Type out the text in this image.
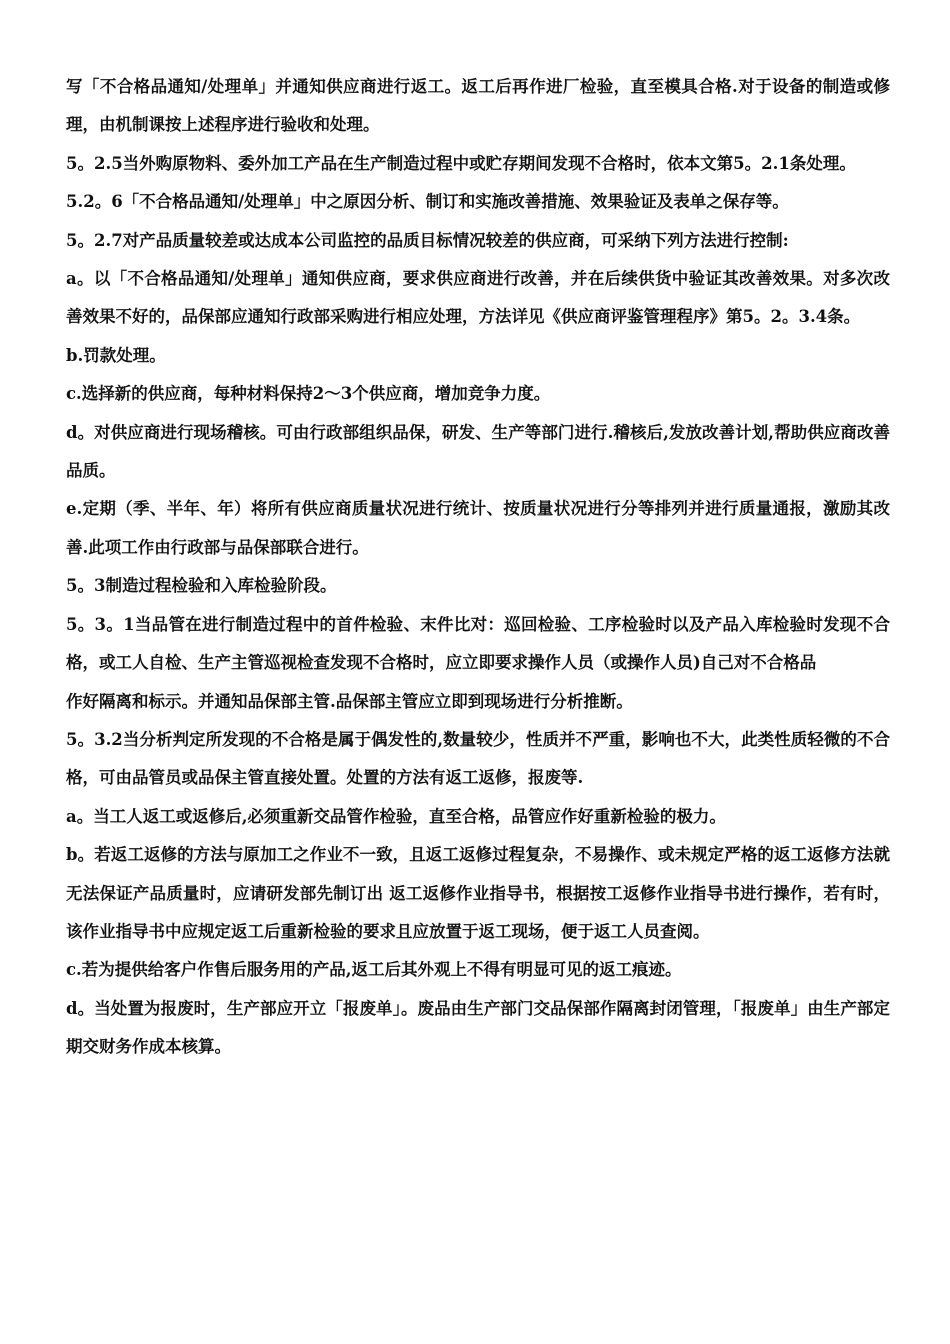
写「不合格品通知/处理单」并通知供应商进行返工。返工后再作进厂检验，直至模具合格.对于设备的制造或修理，由机制课按上述程序进行验收和处理。

5。2.5当外购原物料、委外加工产品在生产制造过程中或贮存期间发现不合格时，依本文第5。2.1条处理。

5.2。6「不合格品通知/处理单」中之原因分析、制订和实施改善措施、效果验证及表单之保存等。

5。2.7对产品质量较差或达成本公司监控的品质目标情况较差的供应商，可采纳下列方法进行控制:

a。以「不合格品通知/处理单」通知供应商，要求供应商进行改善，并在后续供货中验证其改善效果。对多次改善效果不好的，品保部应通知行政部采购进行相应处理，方法详见《供应商评鉴管理程序》第5。2。3.4条。

b.罚款处理。

c.选择新的供应商，每种材料保持2～3个供应商，增加竞争力度。

d。对供应商进行现场稽核。可由行政部组织品保，研发、生产等部门进行.稽核后,发放改善计划,帮助供应商改善品质。

e.定期（季、半年、年）将所有供应商质量状况进行统计、按质量状况进行分等排列并进行质量通报，激励其改善.此项工作由行政部与品保部联合进行。

5。3制造过程检验和入库检验阶段。

5。3。1当品管在进行制造过程中的首件检验、末件比对：巡回检验、工序检验时以及产品入库检验时发现不合格，或工人自检、生产主管巡视检查发现不合格时，应立即要求操作人员（或操作人员)自己对不合格品

作好隔离和标示。并通知品保部主管.品保部主管应立即到现场进行分析推断。

5。3.2当分析判定所发现的不合格是属于偶发性的,数量较少，性质并不严重，影响也不大，此类性质轻微的不合格，可由品管员或品保主管直接处置。处置的方法有返工返修，报废等.

a。当工人返工或返修后,必须重新交品管作检验，直至合格，品管应作好重新检验的极力。

b。若返工返修的方法与原加工之作业不一致，且返工返修过程复杂，不易操作、或未规定严格的返工返修方法就无法保证产品质量时，应请研发部先制订出 返工返修作业指导书，根据按工返修作业指导书进行操作，若有时，该作业指导书中应规定返工后重新检验的要求且应放置于返工现场，便于返工人员查阅。

c.若为提供给客户作售后服务用的产品,返工后其外观上不得有明显可见的返工痕迹。

d。当处置为报废时，生产部应开立「报废单」。废品由生产部门交品保部作隔离封闭管理，「报废单」由生产部定期交财务作成本核算。
